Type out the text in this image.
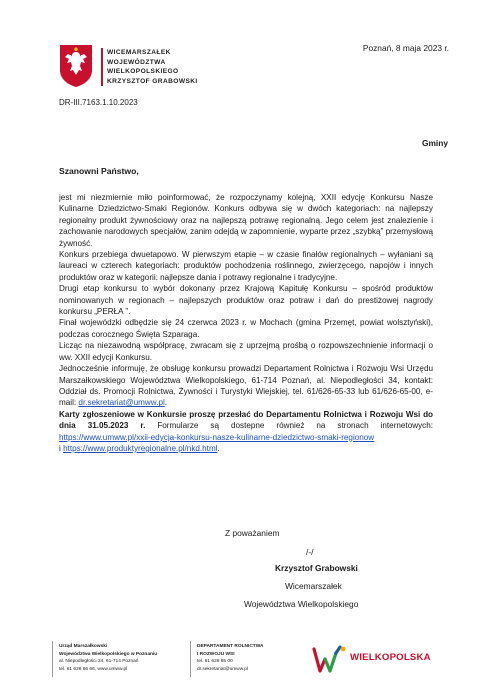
WICEMARSZAŁEK
WOJEWÓDZTWA
WIELKOPOLSKIEGO
KRZYSZTOF GRABOWSKI
Poznań, 8 maja 2023 r.
DR-III.7163.1.10.2023
Gminy
Szanowni Państwo,

jest mi niezmiernie miło poinformować, że rozpoczynamy kolejną, XXII edycję Konkursu Nasze Kulinarne Dziedzictwo-Smaki Regionów. Konkurs odbywa się w dwóch kategoriach: na najlepszy regionalny produkt żywnościowy oraz na najlepszą potrawę regionalną. Jego celem jest znalezienie i zachowanie narodowych specjałów, zanim odejdą w zapomnienie, wyparte przez „szybką” przemysłową żywność.

Konkurs przebiega dwuetapowo. W pierwszym etapie – w czasie finałów regionalnych – wyłaniani są laureaci w czterech kategoriach: produktów pochodzenia roślinnego, zwierzęcego, napojów i innych produktów oraz w kategorii: najlepsze dania i potrawy regionalne i tradycyjne.

Drugi etap konkursu to wybór dokonany przez Krajową Kapitułę Konkursu – spośród produktów nominowanych w regionach – najlepszych produktów oraz potraw i dań do prestiżowej nagrody konkursu „PERŁA ”.

Finał wojewódzki odbędzie się 24 czerwca 2023 r. w Mochach (gmina Przemęt, powiat wolsztyński), podczas corocznego Święta Szparaga.

Licząc na niezawodną współpracę, zwracam się z uprzejmą prośbą o rozpowszechnienie informacji o ww. XXII edycji Konkursu.

Jednocześnie informuję, że obsługę konkursu prowadzi Departament Rolnictwa i Rozwoju Wsi Urzędu Marszałkowskiego Województwa Wielkopolskiego, 61-714 Poznań, al. Niepodległości 34, kontakt: Oddział ds. Promocji Rolnictwa, Żywności i Turystyki Wiejskiej, tel. 61/626-65-33 lub 61/626-65-00, e-mail: dr.sekretariat@umww.pl.

Karty zgłoszeniowe w Konkursie proszę przesłać do Departamentu Rolnictwa i Rozwoju Wsi do dnia 31.05.2023 r. Formularze są dostepne również na stronach internetowych: https://www.umww.pl/xxii-edycja-konkursu-nasze-kulinarne-dziedzictwo-smaki-regionow
i https://www.produktyregionalne.pl/nkd.html.

Z poważaniem
/-/
Krzysztof Grabowski
Wicemarszałek
Województwa Wielkopolskiego
Urząd Marszałkowski
Województwa Wielkopolskiego w Poznaniu
al. Niepodległości 34, 61-714 Poznań
tel. 61 626 66 66, www.umww.pl
DEPARTAMENT ROLNICTWA
I ROZWOJU WSI
tel. 61 626 65 00
dr.sekretariat@umww.pl
WIELKOPOLSKA
